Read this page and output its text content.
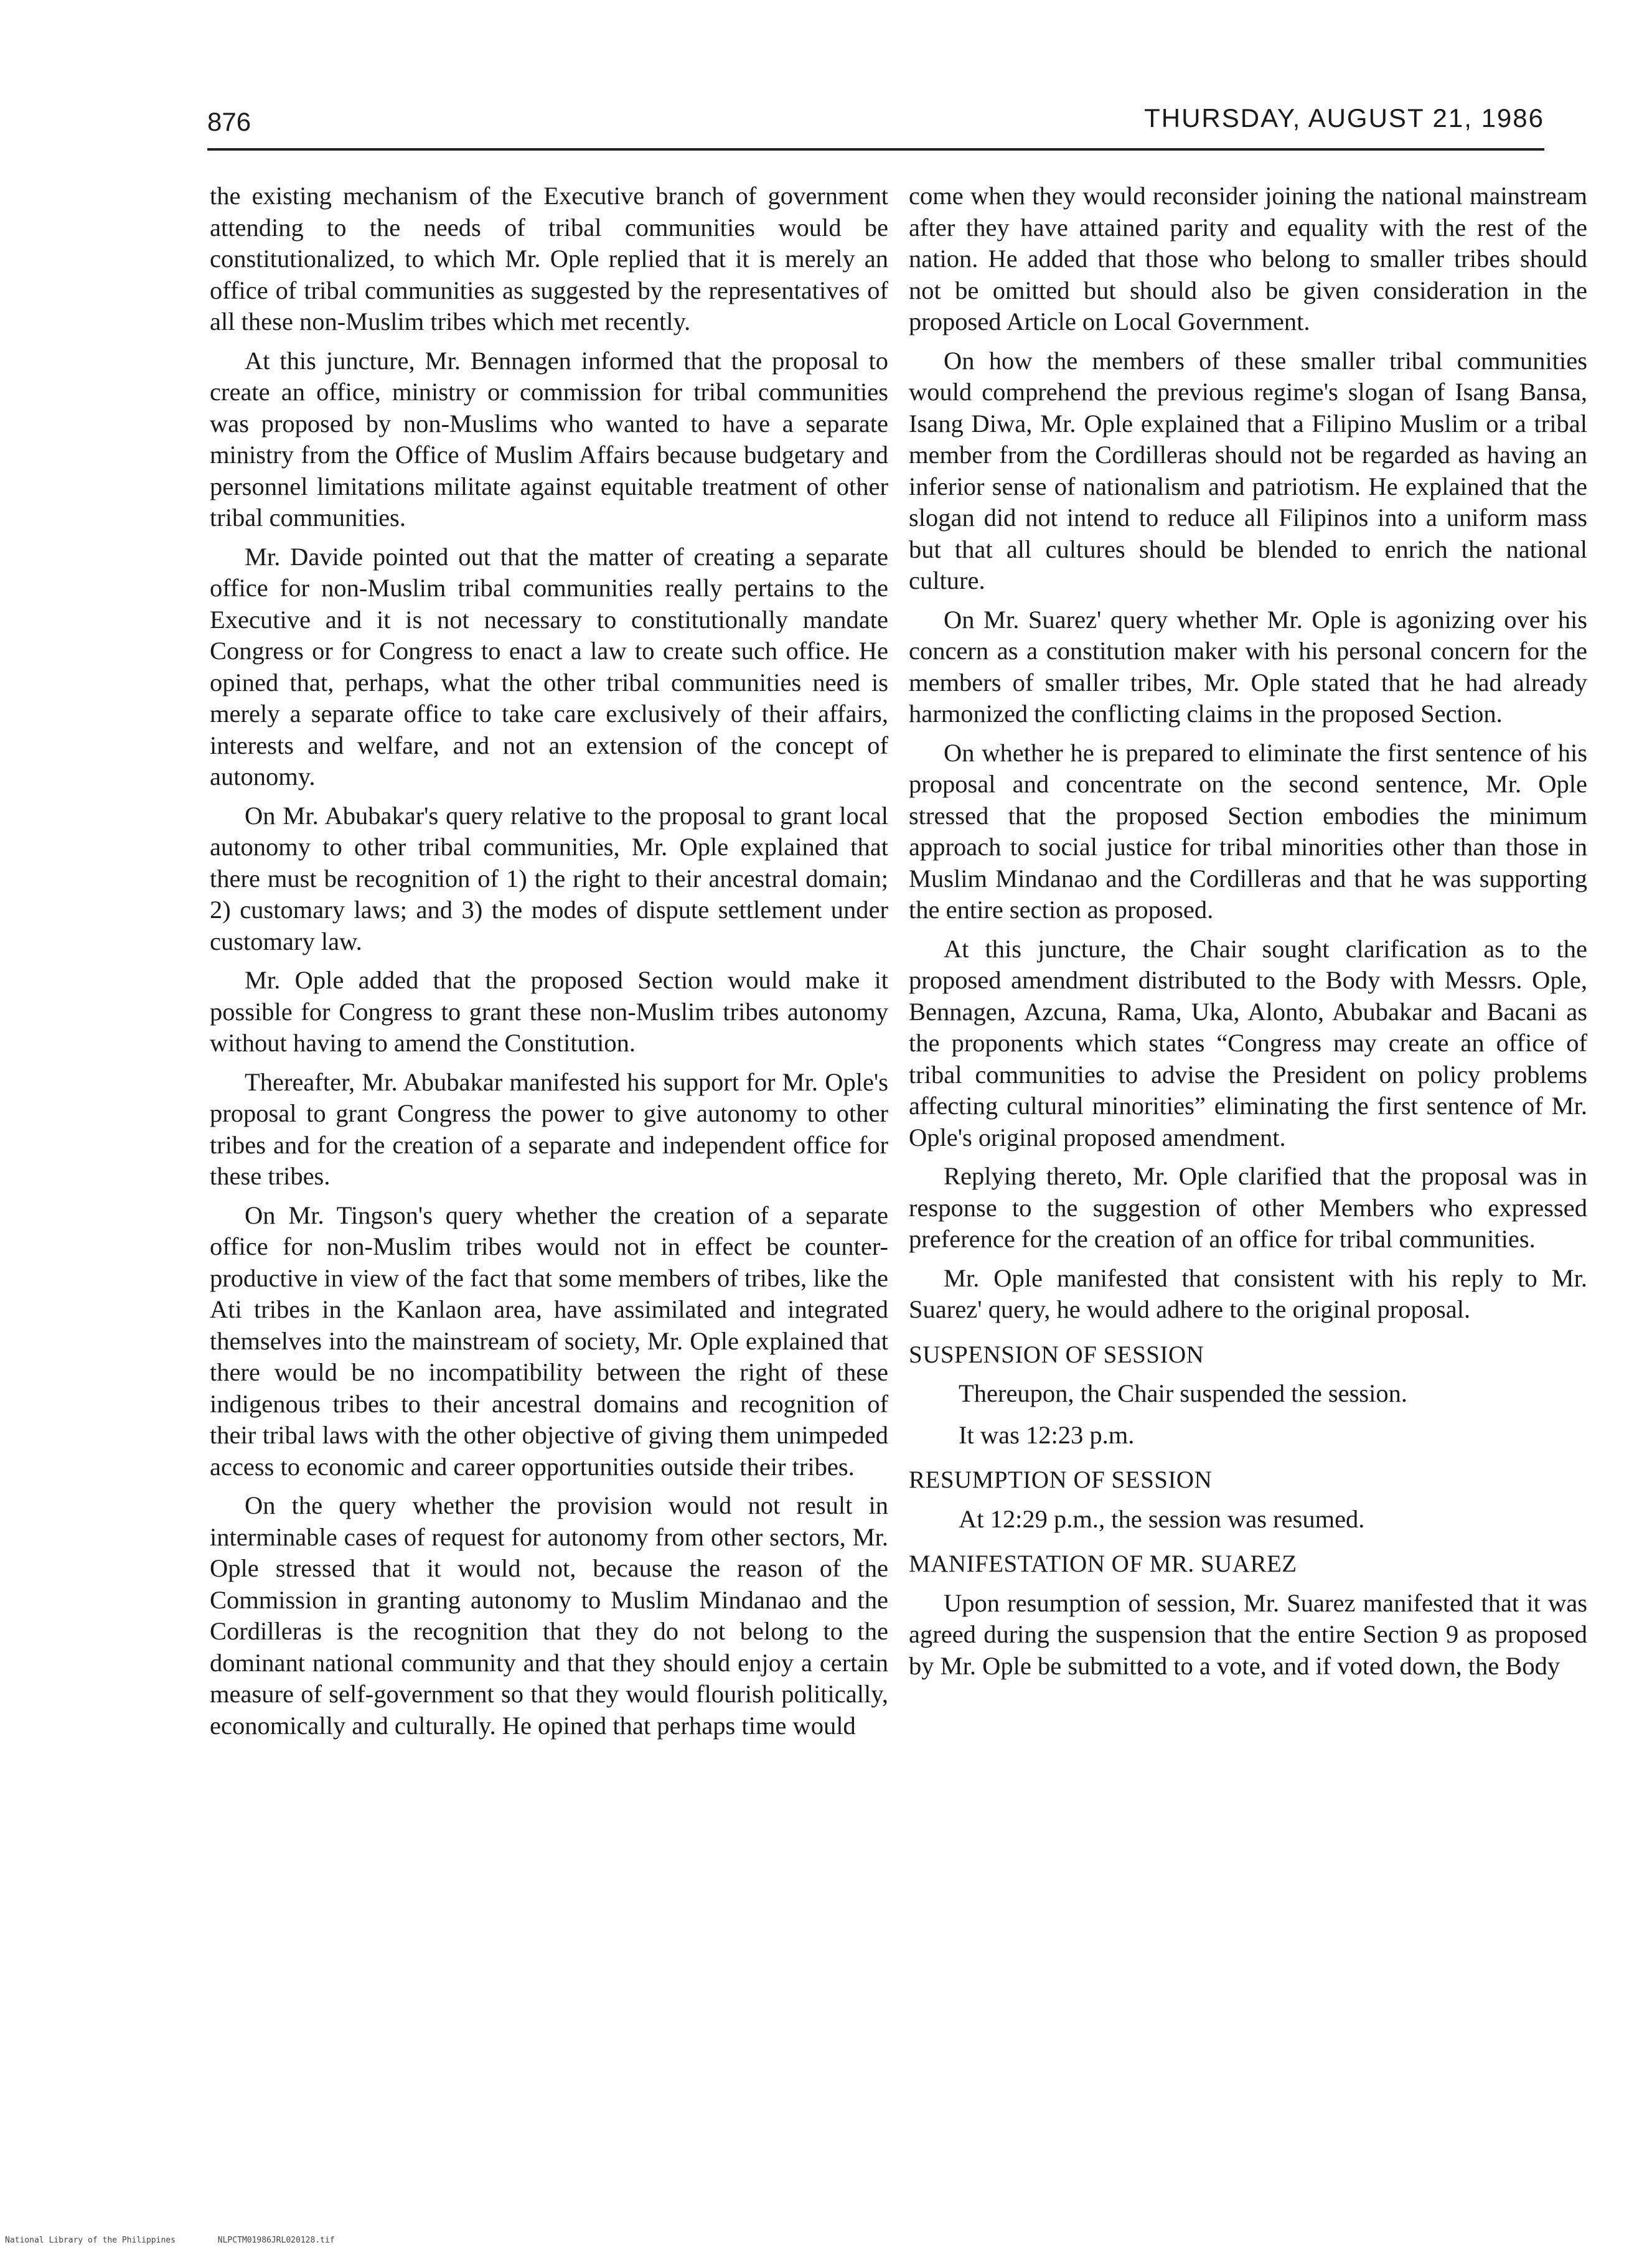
876	THURSDAY, AUGUST 21, 1986

the existing mechanism of the Executive branch of government attending to the needs of tribal communities would be constitutionalized, to which Mr. Ople replied that it is merely an office of tribal communities as suggested by the representatives of all these non-Muslim tribes which met recently.

At this juncture, Mr. Bennagen informed that the proposal to create an office, ministry or commission for tribal communities was proposed by non-Muslims who wanted to have a separate ministry from the Office of Muslim Affairs because budgetary and personnel limitations militate against equitable treatment of other tribal communities.

Mr. Davide pointed out that the matter of creating a separate office for non-Muslim tribal communities really pertains to the Executive and it is not necessary to constitutionally mandate Congress or for Congress to enact a law to create such office. He opined that, perhaps, what the other tribal communities need is merely a separate office to take care exclusively of their affairs, interests and welfare, and not an extension of the concept of autonomy.

On Mr. Abubakar's query relative to the proposal to grant local autonomy to other tribal communities, Mr. Ople explained that there must be recognition of 1) the right to their ancestral domain; 2) customary laws; and 3) the modes of dispute settlement under customary law.

Mr. Ople added that the proposed Section would make it possible for Congress to grant these non-Muslim tribes autonomy without having to amend the Constitution.

Thereafter, Mr. Abubakar manifested his support for Mr. Ople's proposal to grant Congress the power to give autonomy to other tribes and for the creation of a separate and independent office for these tribes.

On Mr. Tingson's query whether the creation of a separate office for non-Muslim tribes would not in effect be counter-productive in view of the fact that some members of tribes, like the Ati tribes in the Kanlaon area, have assimilated and integrated themselves into the mainstream of society, Mr. Ople explained that there would be no incompatibility between the right of these indigenous tribes to their ancestral domains and recognition of their tribal laws with the other objective of giving them unimpeded access to economic and career opportunities outside their tribes.

On the query whether the provision would not result in interminable cases of request for autonomy from other sectors, Mr. Ople stressed that it would not, because the reason of the Commission in granting autonomy to Muslim Mindanao and the Cordilleras is the recognition that they do not belong to the dominant national community and that they should enjoy a certain measure of self-government so that they would flourish politically, economically and culturally. He opined that perhaps time would

come when they would reconsider joining the national mainstream after they have attained parity and equality with the rest of the nation. He added that those who belong to smaller tribes should not be omitted but should also be given consideration in the proposed Article on Local Government.

On how the members of these smaller tribal communities would comprehend the previous regime's slogan of Isang Bansa, Isang Diwa, Mr. Ople explained that a Filipino Muslim or a tribal member from the Cordilleras should not be regarded as having an inferior sense of nationalism and patriotism. He explained that the slogan did not intend to reduce all Filipinos into a uniform mass but that all cultures should be blended to enrich the national culture.

On Mr. Suarez' query whether Mr. Ople is agonizing over his concern as a constitution maker with his personal concern for the members of smaller tribes, Mr. Ople stated that he had already harmonized the conflicting claims in the proposed Section.

On whether he is prepared to eliminate the first sentence of his proposal and concentrate on the second sentence, Mr. Ople stressed that the proposed Section embodies the minimum approach to social justice for tribal minorities other than those in Muslim Mindanao and the Cordilleras and that he was supporting the entire section as proposed.

At this juncture, the Chair sought clarification as to the proposed amendment distributed to the Body with Messrs. Ople, Bennagen, Azcuna, Rama, Uka, Alonto, Abubakar and Bacani as the proponents which states “Congress may create an office of tribal communities to advise the President on policy problems affecting cultural minorities” eliminating the first sentence of Mr. Ople's original proposed amendment.

Replying thereto, Mr. Ople clarified that the proposal was in response to the suggestion of other Members who expressed preference for the creation of an office for tribal communities.

Mr. Ople manifested that consistent with his reply to Mr. Suarez' query, he would adhere to the original proposal.

SUSPENSION OF SESSION

Thereupon, the Chair suspended the session.

It was 12:23 p.m.

RESUMPTION OF SESSION

At 12:29 p.m., the session was resumed.

MANIFESTATION OF MR. SUAREZ

Upon resumption of session, Mr. Suarez manifested that it was agreed during the suspension that the entire Section 9 as proposed by Mr. Ople be submitted to a vote, and if voted down, the Body

National Library of the Philippines	NLPCTM01986JRL020128.tif
